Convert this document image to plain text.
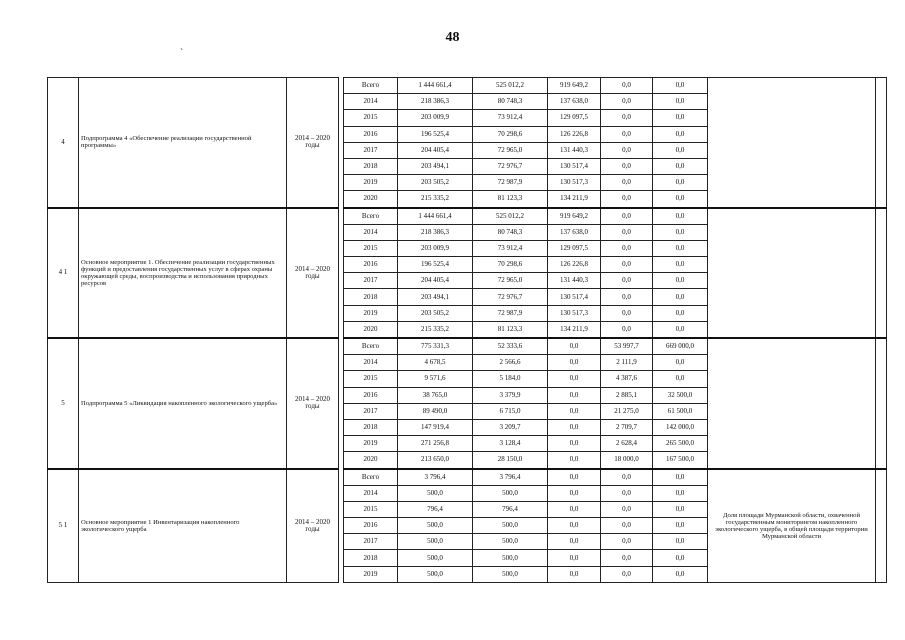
48
`
4	Подпрограмма 4 «Обеспечение реализации государственной программы»	2014 – 2020 годы		Всего	1 444 661,4	525 012,2	919 649,2	0,0	0,0		
				2014	218 386,3	80 748,3	137 638,0	0,0	0,0		
				2015	203 009,9	73 912,4	129 097,5	0,0	0,0		
				2016	196 525,4	70 298,6	126 226,8	0,0	0,0		
				2017	204 405,4	72 965,0	131 440,3	0,0	0,0		
				2018	203 494,1	72 976,7	130 517,4	0,0	0,0		
				2019	203 505,2	72 987,9	130 517,3	0,0	0,0		
				2020	215 335,2	81 123,3	134 211,9	0,0	0,0		
4 1	Основное мероприятие 1. Обеспечение реализации государственных функций и предоставления государственных услуг в сферах охраны окружающей среды, воспроизводства и использования природных ресурсов	2014 – 2020 годы		Всего	1 444 661,4	525 012,2	919 649,2	0,0	0,0		
				2014	218 386,3	80 748,3	137 638,0	0,0	0,0		
				2015	203 009,9	73 912,4	129 097,5	0,0	0,0		
				2016	196 525,4	70 298,6	126 226,8	0,0	0,0		
				2017	204 405,4	72 965,0	131 440,3	0,0	0,0		
				2018	203 494,1	72 976,7	130 517,4	0,0	0,0		
				2019	203 505,2	72 987,9	130 517,3	0,0	0,0		
				2020	215 335,2	81 123,3	134 211,9	0,0	0,0		
5	Подпрограмма 5 «Ликвидация накопленного экологического ущерба»	2014 – 2020 годы		Всего	775 331,3	52 333,6	0,0	53 997,7	669 000,0		
				2014	4 678,5	2 566,6	0,0	2 111,9	0,0		
				2015	9 571,6	5 184,0	0,0	4 387,6	0,0		
				2016	38 765,0	3 379,9	0,0	2 885,1	32 500,0		
				2017	89 490,0	6 715,0	0,0	21 275,0	61 500,0		
				2018	147 919,4	3 209,7	0,0	2 709,7	142 000,0		
				2019	271 256,8	3 128,4	0,0	2 628,4	265 500,0		
				2020	213 650,0	28 150,0	0,0	18 000,0	167 500,0		
5 1	Основное мероприятие 1 Инвентаризация накопленного экологического ущерба	2014 – 2020 годы		Всего	3 796,4	3 796,4	0,0	0,0	0,0	Доля площади Мурманской области, охваченной государственным мониторингом накопленного экологического ущерба, в общей площади территории Мурманской области	
				2014	500,0	500,0	0,0	0,0	0,0		
				2015	796,4	796,4	0,0	0,0	0,0		
				2016	500,0	500,0	0,0	0,0	0,0		
				2017	500,0	500,0	0,0	0,0	0,0		
				2018	500,0	500,0	0,0	0,0	0,0		
				2019	500,0	500,0	0,0	0,0	0,0		
